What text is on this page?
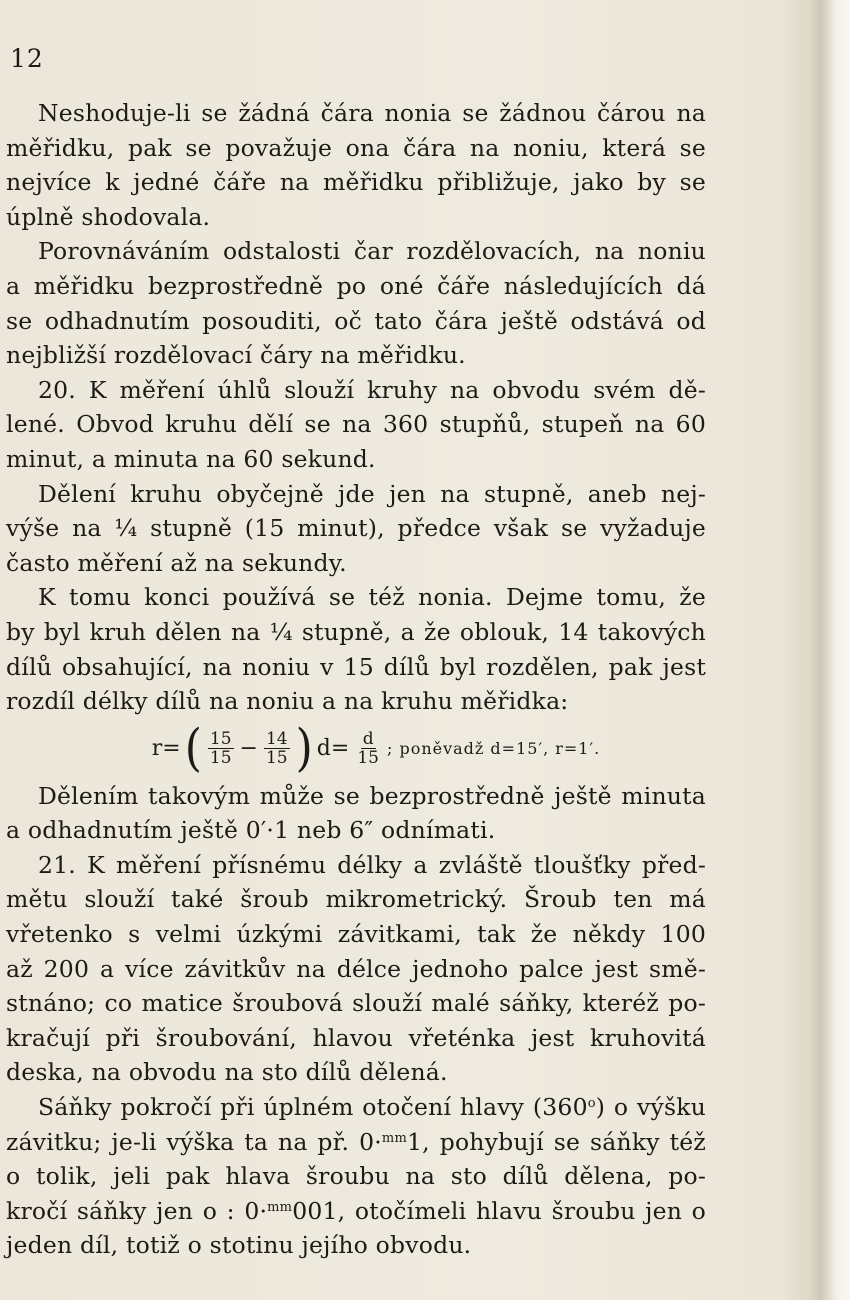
12
Neshoduje-li se žádná čára nonia se žádnou čárou na
měřidku, pak se považuje ona čára na noniu, která se
nejvíce k jedné čáře na měřidku přibližuje, jako by se
úplně shodovala.
Porovnáváním odstalosti čar rozdělovacích, na noniu
a měřidku bezprostředně po oné čáře následujících dá
se odhadnutím posouditi, oč tato čára ještě odstává od
nejbližší rozdělovací čáry na měřidku.
20. K měření úhlů slouží kruhy na obvodu svém dě-
lené. Obvod kruhu dělí se na 360 stupňů, stupeň na 60
minut, a minuta na 60 sekund.
Dělení kruhu obyčejně jde jen na stupně, aneb nej-
výše na ¼ stupně (15 minut), předce však se vyžaduje
často měření až na sekundy.
K tomu konci používá se též nonia. Dejme tomu, že
by byl kruh dělen na ¼ stupně, a že oblouk, 14 takových
dílů obsahující, na noniu v 15 dílů byl rozdělen, pak jest
rozdíl délky dílů na noniu a na kruhu měřidka:
r= ( $\frac{15}{15} - \frac{14}{15}$ ) $d= \frac{d}{15}$ ; poněvadž d=15′, r=1′.
Dělením takovým může se bezprostředně ještě minuta
a odhadnutím ještě 0′·1 neb 6″ odnímati.
21. K měření přísnému délky a zvláště tloušťky před-
mětu slouží také šroub mikrometrický. Šroub ten má
vřetenko s velmi úzkými závitkami, tak že někdy 100
až 200 a více závitkův na délce jednoho palce jest smě-
stnáno; co matice šroubová slouží malé sáňky, kteréž po-
kračují při šroubování, hlavou vřeténka jest kruhovitá
deska, na obvodu na sto dílů dělená.
Sáňky pokročí při úplném otočení hlavy (360$^o$) o výšku
závitku; je-li výška ta na př. 0·$^{mm}$1, pohybují se sáňky též
o tolik, jeli pak hlava šroubu na sto dílů dělena, po-
kročí sáňky jen o : 0·$^{mm}$001, otočímeli hlavu šroubu jen o
jeden díl, totiž o stotinu jejího obvodu.
